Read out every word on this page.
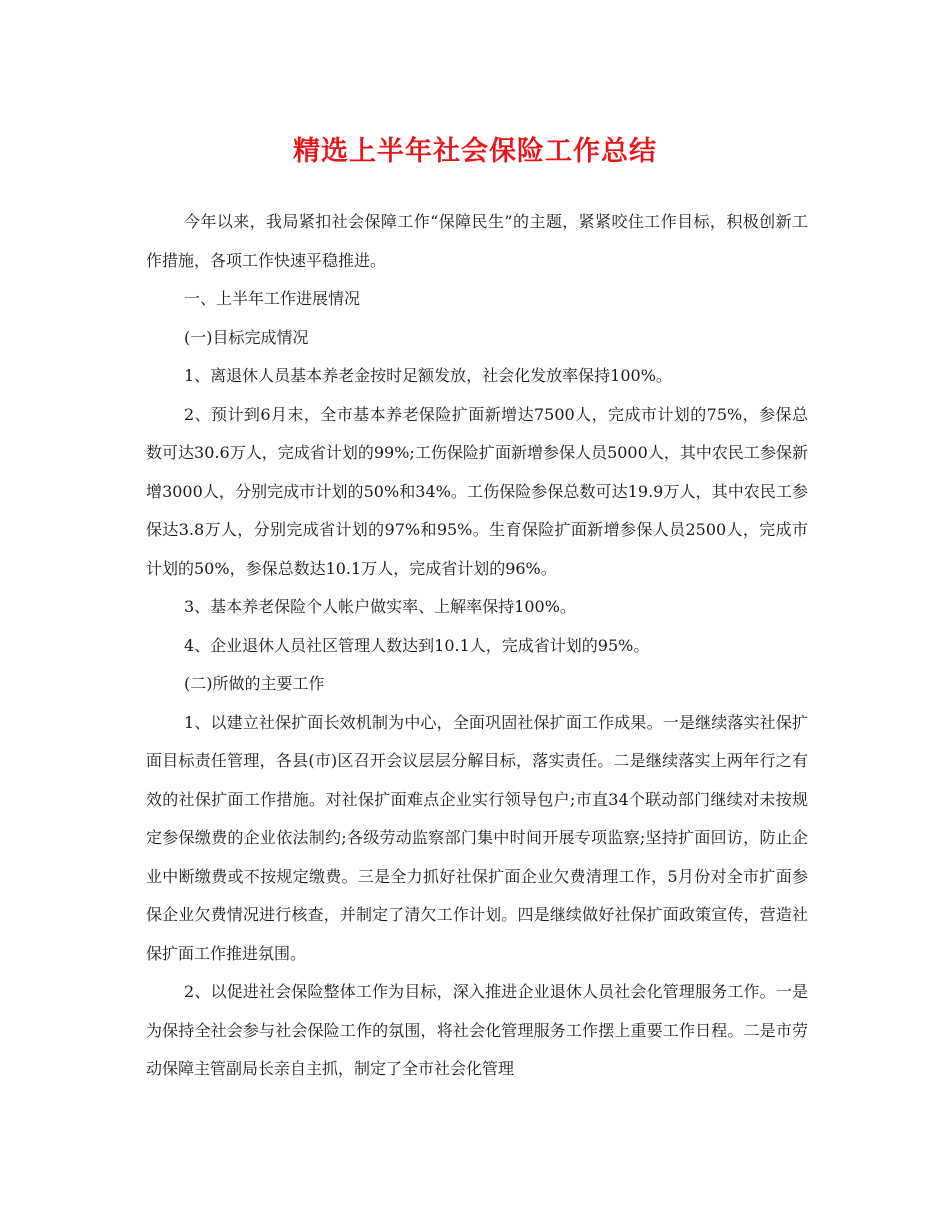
精选上半年社会保险工作总结

今年以来，我局紧扣社会保障工作“保障民生”的主题，紧紧咬住工作目标，积极创新工作措施，各项工作快速平稳推进。

一、上半年工作进展情况

(一)目标完成情况

1、离退休人员基本养老金按时足额发放，社会化发放率保持100%。

2、预计到6月末，全市基本养老保险扩面新增达7500人，完成市计划的75%，参保总数可达30.6万人，完成省计划的99%;工伤保险扩面新增参保人员5000人，其中农民工参保新增3000人，分别完成市计划的50%和34%。工伤保险参保总数可达19.9万人，其中农民工参保达3.8万人，分别完成省计划的97%和95%。生育保险扩面新增参保人员2500人，完成市计划的50%，参保总数达10.1万人，完成省计划的96%。

3、基本养老保险个人帐户做实率、上解率保持100%。

4、企业退休人员社区管理人数达到10.1人，完成省计划的95%。

(二)所做的主要工作

1、以建立社保扩面长效机制为中心，全面巩固社保扩面工作成果。一是继续落实社保扩面目标责任管理，各县(市)区召开会议层层分解目标，落实责任。二是继续落实上两年行之有效的社保扩面工作措施。对社保扩面难点企业实行领导包户;市直34个联动部门继续对未按规定参保缴费的企业依法制约;各级劳动监察部门集中时间开展专项监察;坚持扩面回访，防止企业中断缴费或不按规定缴费。三是全力抓好社保扩面企业欠费清理工作，5月份对全市扩面参保企业欠费情况进行核查，并制定了清欠工作计划。四是继续做好社保扩面政策宣传，营造社保扩面工作推进氛围。

2、以促进社会保险整体工作为目标，深入推进企业退休人员社会化管理服务工作。一是为保持全社会参与社会保险工作的氛围，将社会化管理服务工作摆上重要工作日程。二是市劳动保障主管副局长亲自主抓，制定了全市社会化管理
